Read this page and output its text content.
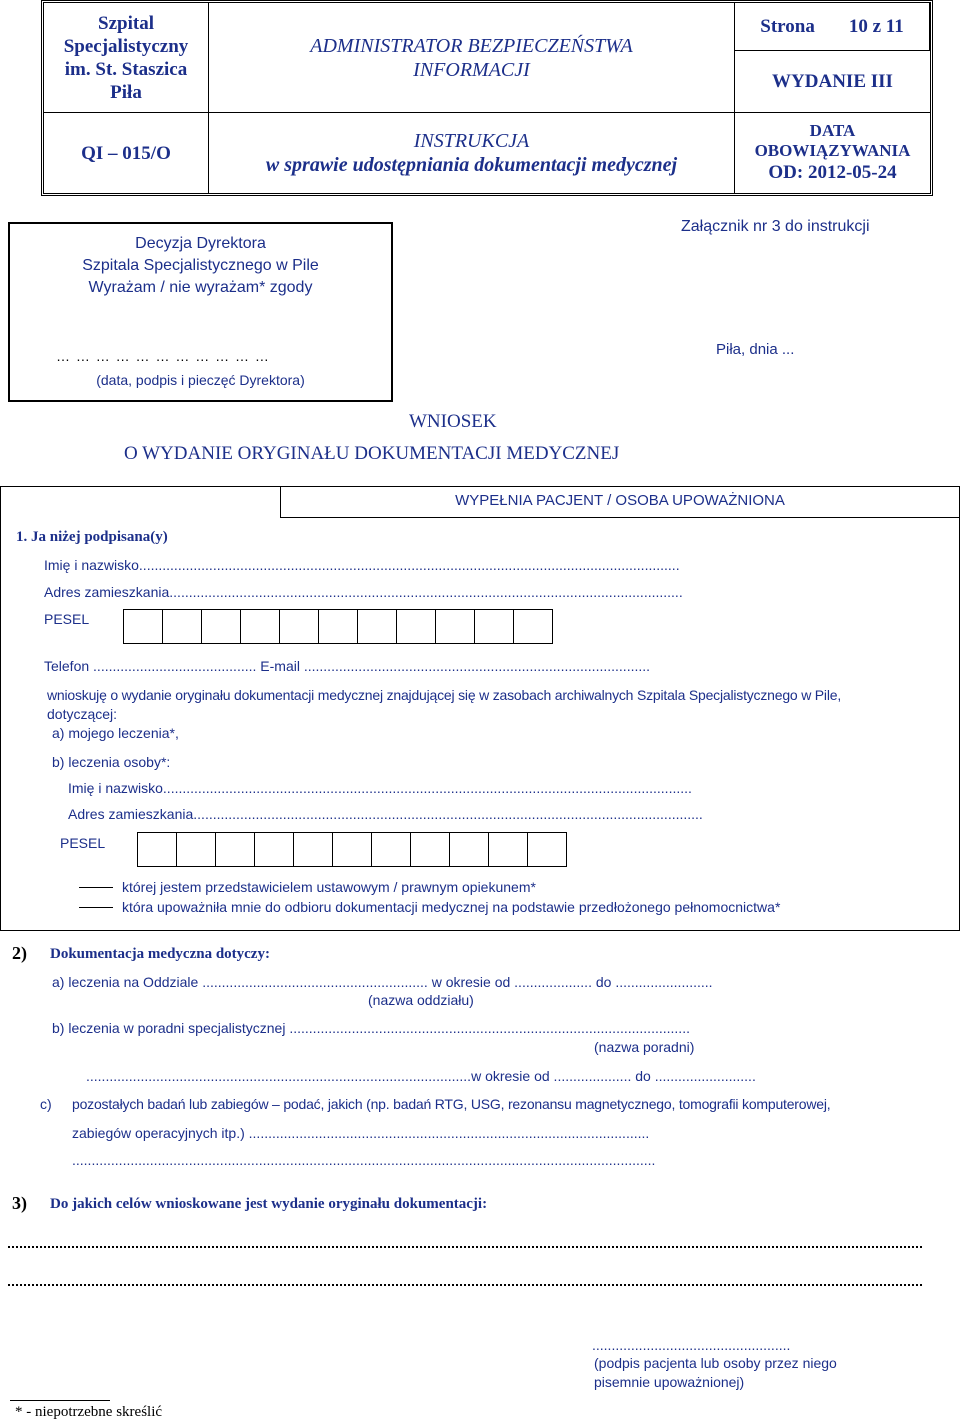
Szpital
Specjalistyczny
im. St. Staszica
Piła
ADMINISTRATOR BEZPIECZEŃSTWA
INFORMACJI
Strona 10 z 11
WYDANIE III
QI – 015/O
INSTRUKCJA
w sprawie udostępniania dokumentacji medycznej
DATA
OBOWIĄZYWANIA
OD: 2012-05-24
Załącznik nr 3 do instrukcji
Decyzja Dyrektora
Szpitala Specjalistycznego w Pile
Wyrażam / nie wyrażam* zgody
… … … … … … … … … … …
(data, podpis i pieczęć Dyrektora)
Piła, dnia ...
WNIOSEK
O WYDANIE ORYGINAŁU DOKUMENTACJI MEDYCZNEJ
WYPEŁNIA PACJENT / OSOBA UPOWAŻNIONA
1. Ja niżej podpisana(y)
Imię i nazwisko...........................................................................................................................................
Adres zamieszkania....................................................................................................................................
PESEL
Telefon .......................................... E-mail .........................................................................................
wnioskuję o wydanie oryginału dokumentacji medycznej znajdującej się w zasobach archiwalnych Szpitala Specjalistycznego w Pile,
dotyczącej:
a) mojego leczenia*,
b) leczenia osoby*:
Imię i nazwisko........................................................................................................................................
Adres zamieszkania...................................................................................................................................
PESEL
której jestem przedstawicielem ustawowym / prawnym opiekunem*
która upoważniła mnie do odbioru dokumentacji medycznej na podstawie przedłożonego pełnomocnictwa*
2) Dokumentacja medyczna dotyczy:
a) leczenia na Oddziale .......................................................... w okresie od .................... do .........................
(nazwa oddziału)
b) leczenia w poradni specjalistycznej .......................................................................................................
(nazwa poradni)
...................................................................................................w okresie od .................... do ..........................
c) pozostałych badań lub zabiegów – podać, jakich (np. badań RTG, USG, rezonansu magnetycznego, tomografii komputerowej,
zabiegów operacyjnych itp.) .......................................................................................................
......................................................................................................................................................
3) Do jakich celów wnioskowane jest wydanie oryginału dokumentacji:
...................................................
(podpis pacjenta lub osoby przez niego
pisemnie upoważnionej)
* - niepotrzebne skreślić
